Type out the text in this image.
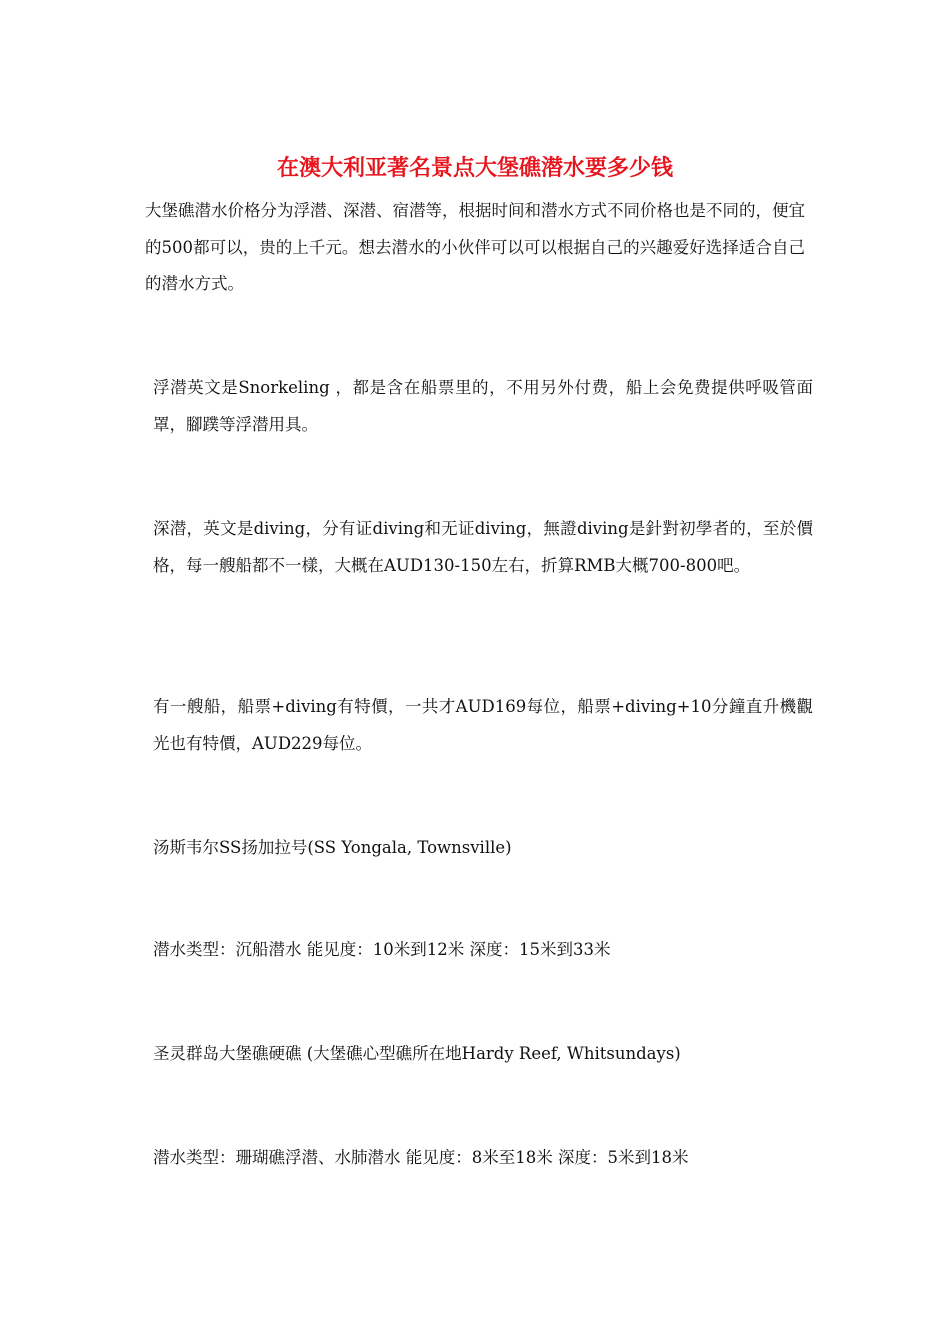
在澳大利亚著名景点大堡礁潜水要多少钱

大堡礁潜水价格分为浮潜、深潜、宿潜等，根据时间和潜水方式不同价格也是不同的，便宜的500都可以，贵的上千元。想去潜水的小伙伴可以可以根据自己的兴趣爱好选择适合自己的潜水方式。

浮潜英文是Snorkeling ，都是含在船票里的，不用另外付费，船上会免费提供呼吸管面罩，腳蹼等浮潜用具。

深潜，英文是diving，分有证diving和无证diving，無證diving是針對初學者的，至於價格，每一艘船都不一樣，大概在AUD130-150左右，折算RMB大概700-800吧。

有一艘船，船票+diving有特價，一共才AUD169每位，船票+diving+10分鐘直升機觀光也有特價，AUD229每位。

汤斯韦尔SS扬加拉号(SS Yongala, Townsville)

潜水类型：沉船潜水 能见度：10米到12米 深度：15米到33米

圣灵群岛大堡礁硬礁 (大堡礁心型礁所在地Hardy Reef, Whitsundays)

潜水类型：珊瑚礁浮潜、水肺潜水 能见度：8米至18米 深度：5米到18米
